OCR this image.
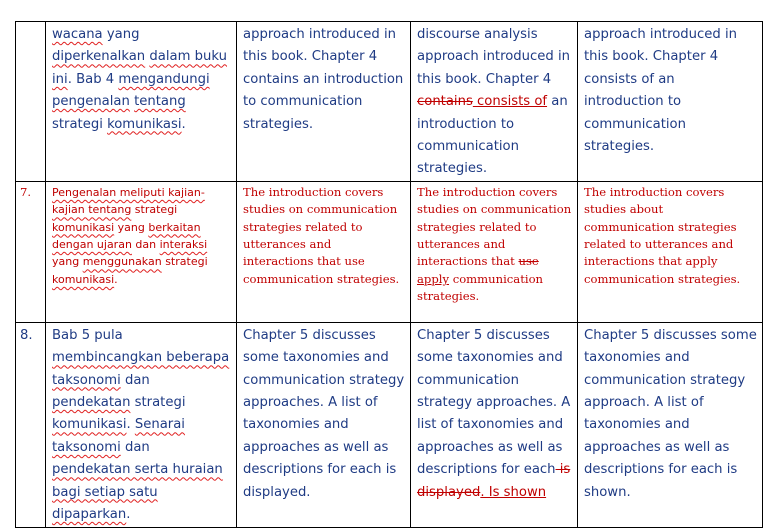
	wacana yang diperkenalkan dalam buku ini. Bab 4 mengandungi pengenalan tentang strategi komunikasi.	approach introduced in this book. Chapter 4 contains an introduction to communication strategies.	discourse analysis approach introduced in this book. Chapter 4 contains consists of an introduction to communication strategies.	approach introduced in this book. Chapter 4 consists of an introduction to communication strategies.
7.	Pengenalan meliputi kajian-kajian tentang strategi komunikasi yang berkaitan dengan ujaran dan interaksi yang menggunakan strategi komunikasi.	The introduction covers studies on communication strategies related to utterances and interactions that use communication strategies.	The introduction covers studies on communication strategies related to utterances and interactions that use apply communication strategies.	The introduction covers studies about communication strategies related to utterances and interactions that apply communication strategies.
8.	Bab 5 pula membincangkan beberapa taksonomi dan pendekatan strategi komunikasi. Senarai taksonomi dan pendekatan serta huraian bagi setiap satu dipaparkan.	Chapter 5 discusses some taxonomies and communication strategy approaches. A list of taxonomies and approaches as well as descriptions for each is displayed.	Chapter 5 discusses some taxonomies and communication strategy approaches. A list of taxonomies and approaches as well as descriptions for each is displayed. Is shown	Chapter 5 discusses some taxonomies and communication strategy approach. A list of taxonomies and approaches as well as descriptions for each is shown.
